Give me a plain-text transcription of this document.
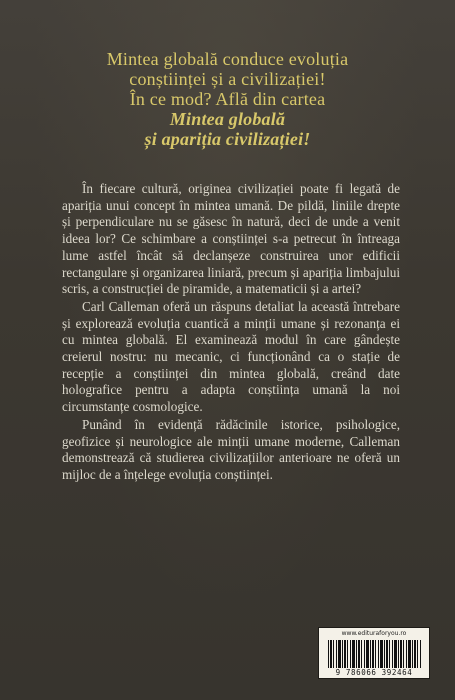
Mintea globală conduce evoluția
conștiinței și a civilizației!
În ce mod? Află din cartea
Mintea globală
și apariția civilizației!

În fiecare cultură, originea civilizației poate fi legată de apariția unui concept în mintea umană. De pildă, liniile drepte și perpendiculare nu se găsesc în natură, deci de unde a venit ideea lor? Ce schimbare a conștiinței s-a petrecut în întreaga lume astfel încât să declanșeze construirea unor edificii rectangulare și organizarea liniară, precum și apariția limbajului scris, a construcției de piramide, a matematicii și a artei?

Carl Calleman oferă un răspuns detaliat la această întrebare și explorează evoluția cuantică a minții umane și rezonanța ei cu mintea globală. El examinează modul în care gândește creierul nostru: nu mecanic, ci funcționând ca o stație de recepție a conștiinței din mintea globală, creând date holografice pentru a adapta conștiința umană la noi circumstanțe cosmologice.

Punând în evidență rădăcinile istorice, psihologice, geofizice și neurologice ale minții umane moderne, Calleman demonstrează că studierea civilizațiilor anterioare ne oferă un mijloc de a înțelege evoluția conștiinței.

www.edituraforyou.ro
9 786066 392464
